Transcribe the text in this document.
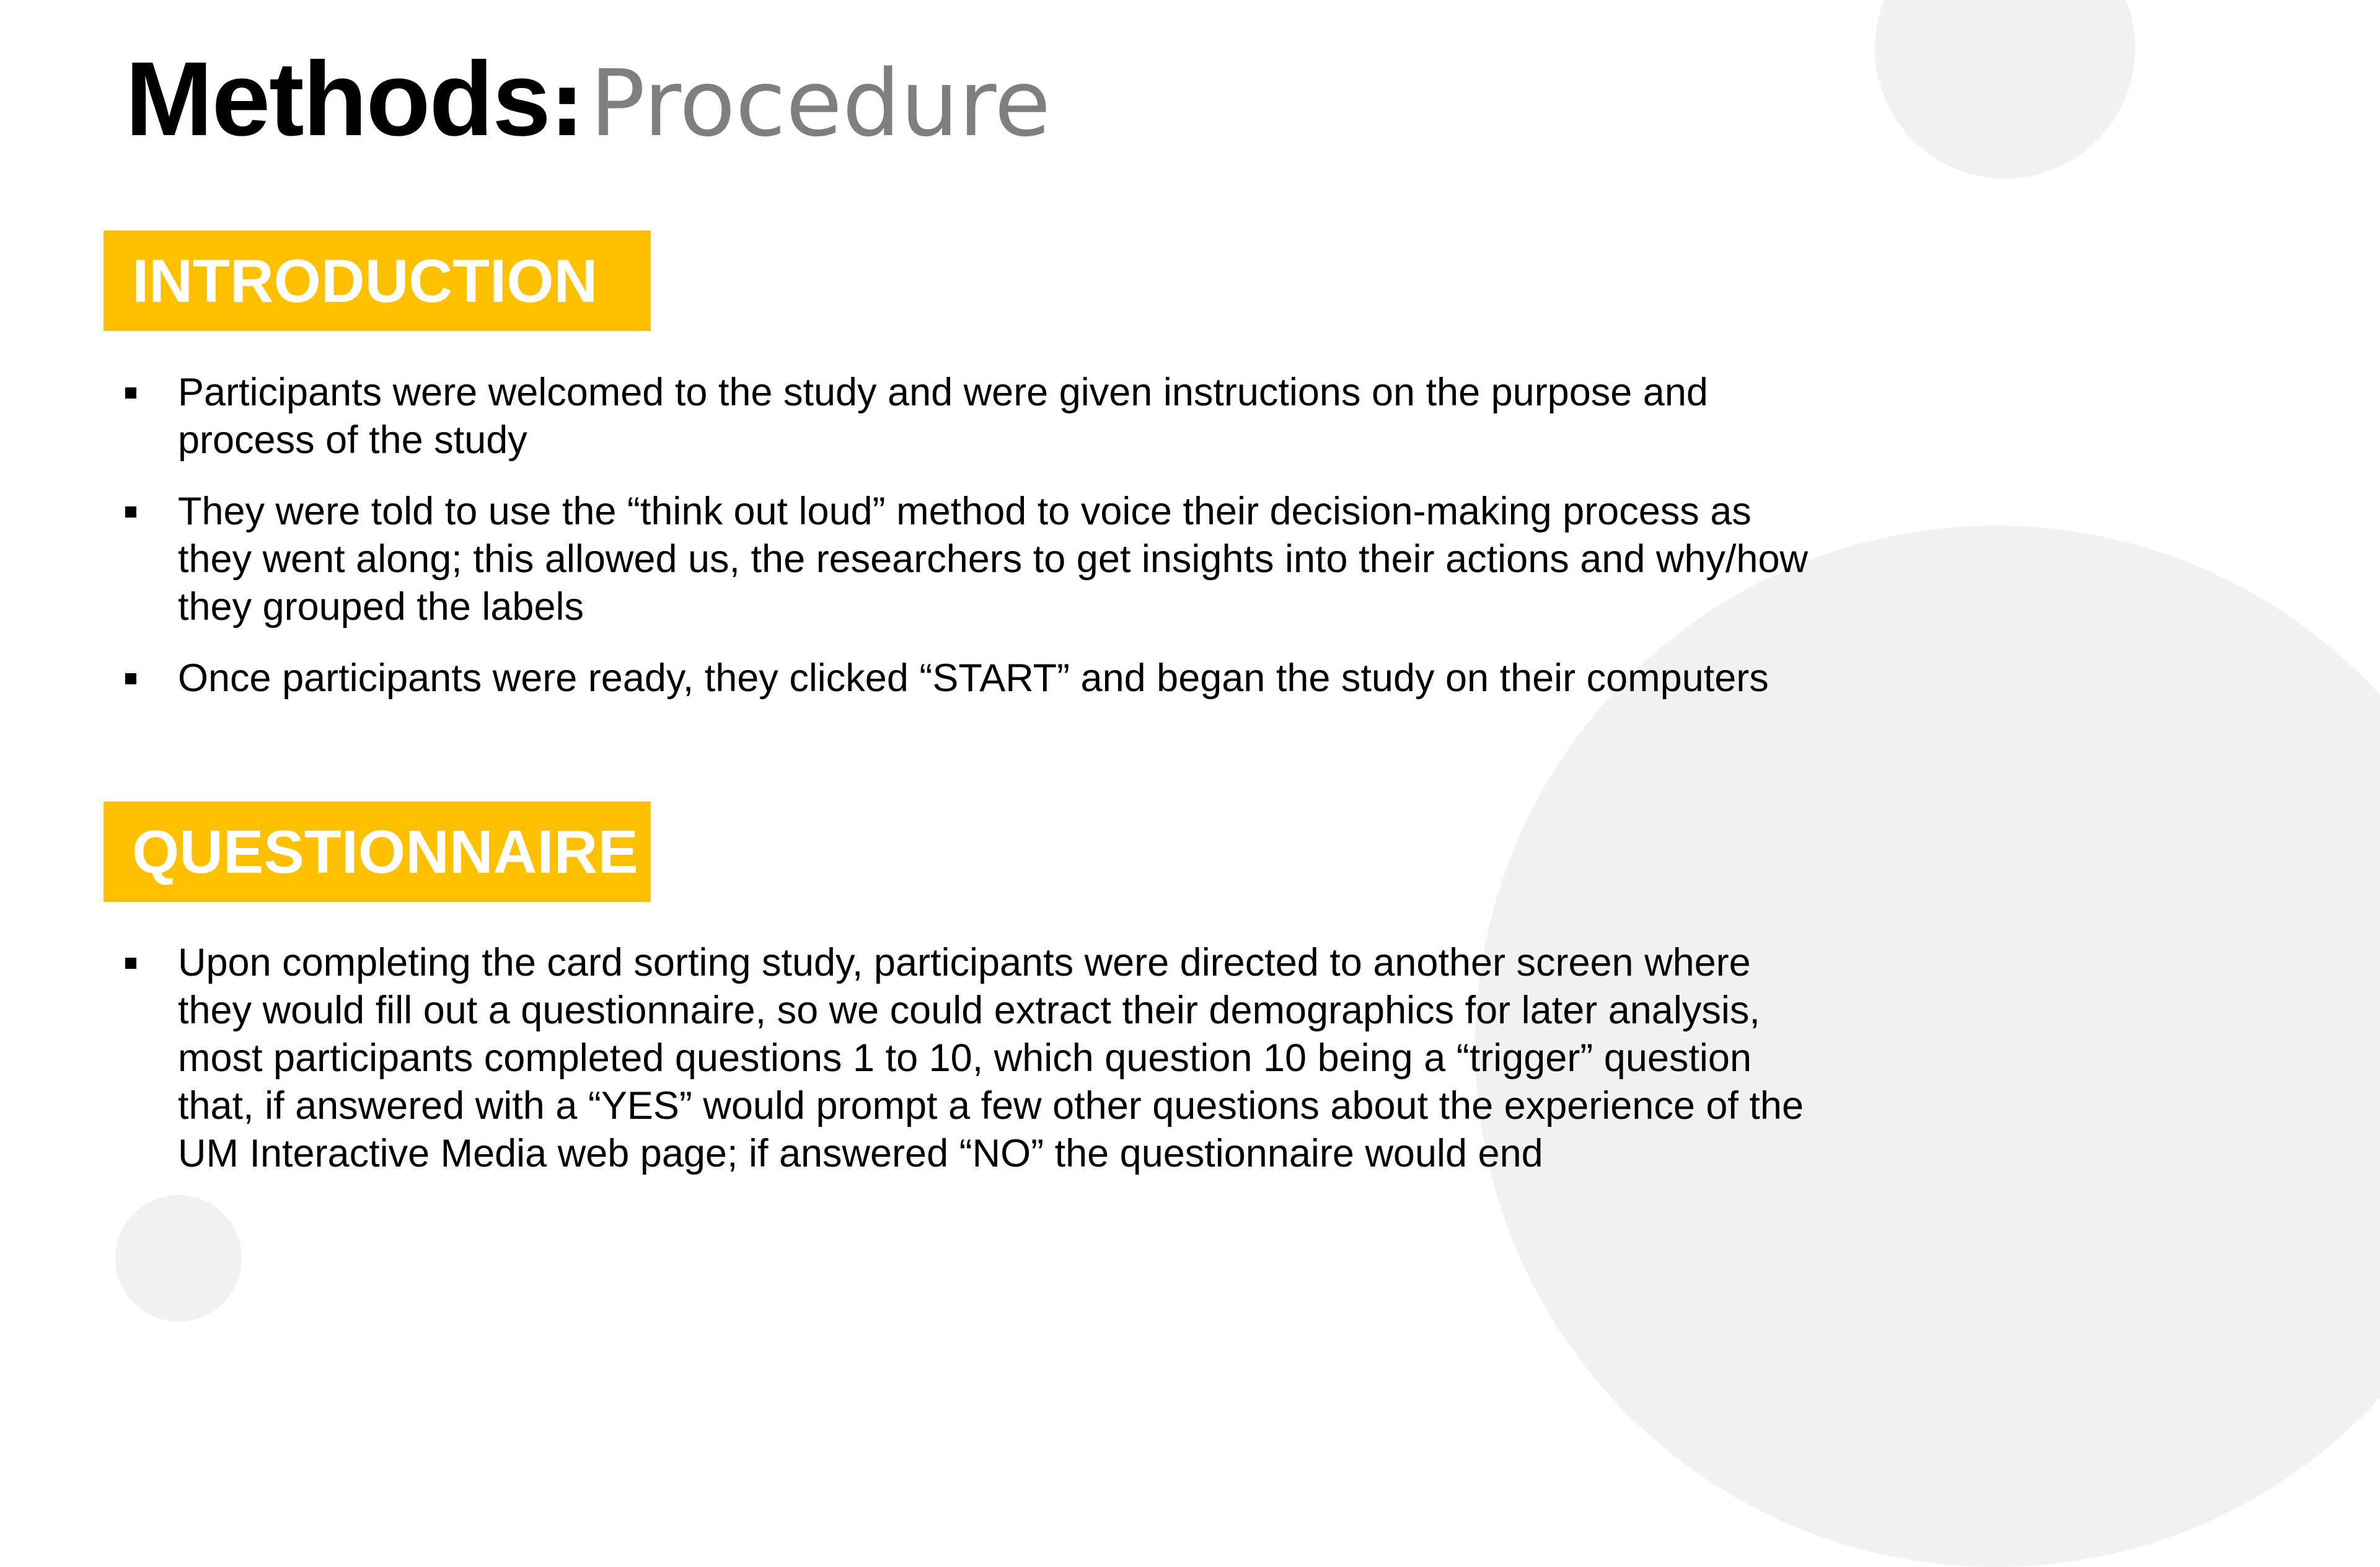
Methods: Procedure
INTRODUCTION
Participants were welcomed to the study and were given instructions on the purpose and process of the study
They were told to use the “think out loud” method to voice their decision-making process as they went along; this allowed us, the researchers to get insights into their actions and why/how they grouped the labels
Once participants were ready, they clicked “START” and began the study on their computers
QUESTIONNAIRE
Upon completing the card sorting study, participants were directed to another screen where they would fill out a questionnaire, so we could extract their demographics for later analysis, most participants completed questions 1 to 10, which question 10 being a “trigger” question that, if answered with a “YES” would prompt a few other questions about the experience of the UM Interactive Media web page; if answered “NO” the questionnaire would end
